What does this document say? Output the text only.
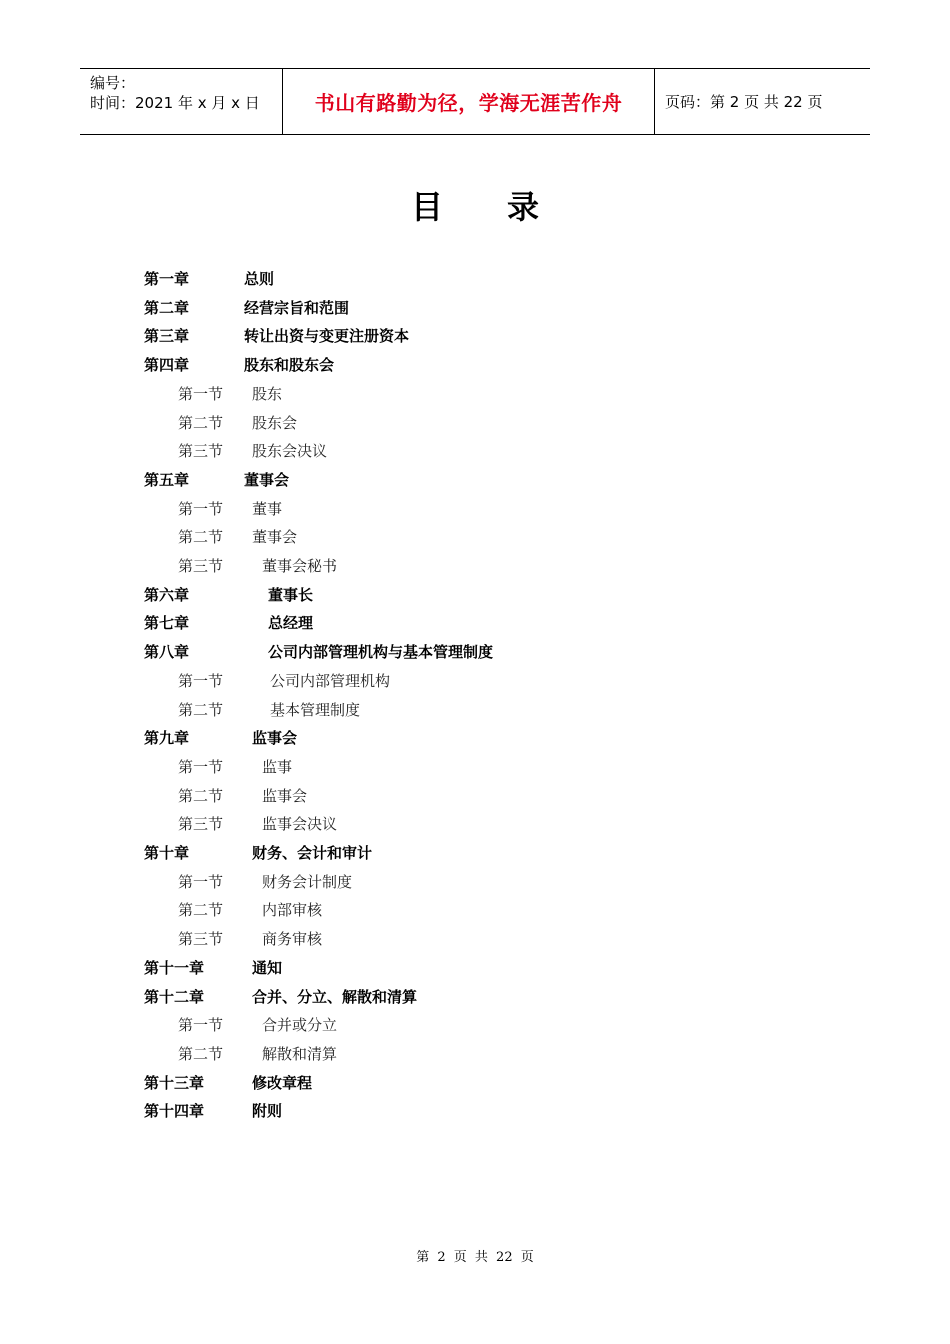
编号：
时间：2021 年 x 月 x 日	书山有路勤为径，学海无涯苦作舟	页码：第 2 页 共 22 页
目录
第一章	总则
第二章	经营宗旨和范围
第三章	转让出资与变更注册资本
第四章	股东和股东会
第一节 股东
第二节 股东会
第三节 股东会决议
第五章	董事会
第一节 董事
第二节 董事会
第三节	董事会秘书
第六章	董事长
第七章	总经理
第八章	公司内部管理机构与基本管理制度
第一节	公司内部管理机构
第二节	基本管理制度
第九章	监事会
第一节	监事
第二节	监事会
第三节	监事会决议
第十章	财务、会计和审计
第一节	财务会计制度
第二节	内部审核
第三节	商务审核
第十一章	通知
第十二章	合并、分立、解散和清算
第一节	合并或分立
第二节	解散和清算
第十三章	修改章程
第十四章	附则
第 2 页 共 22 页
